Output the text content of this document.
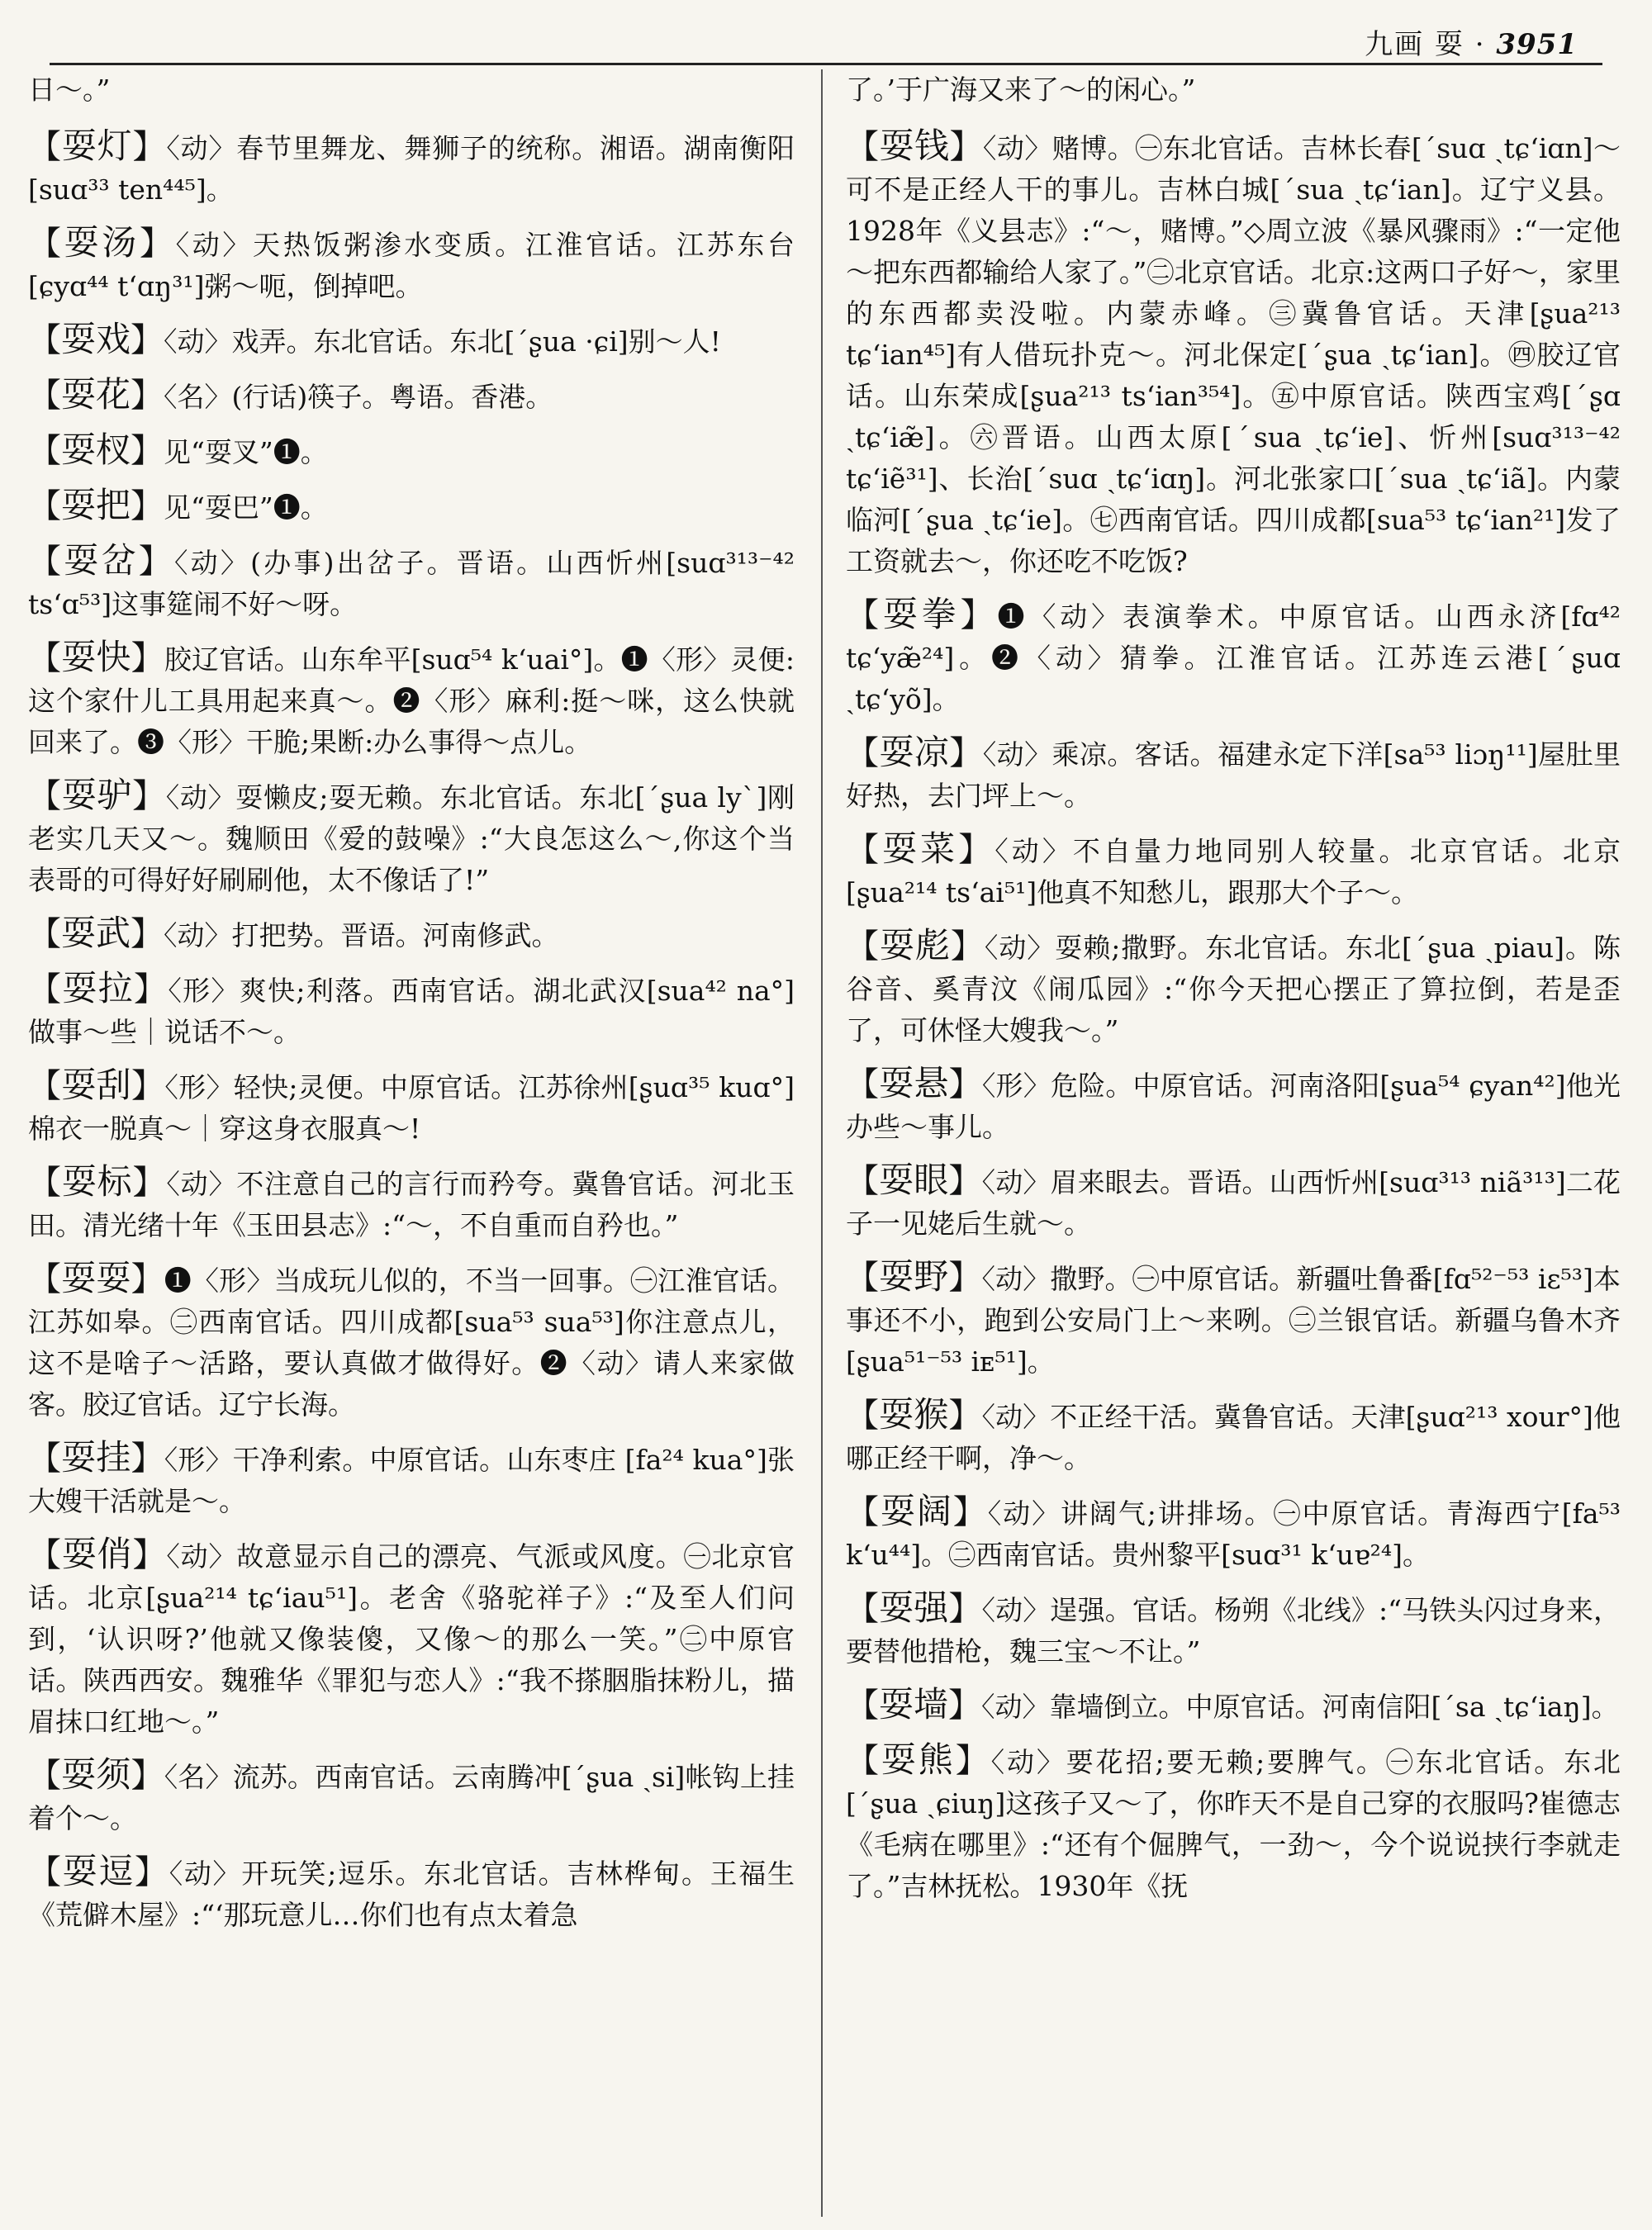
九画 耍 · 3951

日～。”

【耍灯】〈动〉春节里舞龙、舞狮子的统称。湘语。湖南衡阳[suɑ³³ ten⁴⁴⁵]。

【耍汤】〈动〉天热饭粥渗水变质。江淮官话。江苏东台[ɕyɑ⁴⁴ tʻɑŋ³¹]粥～呃，倒掉吧。

【耍戏】〈动〉戏弄。东北官话。东北[ˊʂua ·ɕi]别～人!

【耍花】〈名〉(行话)筷子。粤语。香港。

【耍杈】见“耍叉”❶。

【耍把】见“耍巴”❶。

【耍岔】〈动〉(办事)出岔子。晋语。山西忻州[suɑ³¹³⁻⁴² tsʻɑ⁵³]这事筵闹不好～呀。

【耍快】胶辽官话。山东牟平[suɑ⁵⁴ kʻuai°]。❶〈形〉灵便:这个家什儿工具用起来真～。❷〈形〉麻利:挺～咪，这么快就回来了。❸〈形〉干脆;果断:办么事得～点儿。

【耍驴】〈动〉耍懒皮;耍无赖。东北官话。东北[ˊʂua lyˋ]刚老实几天又～。魏顺田《爱的鼓噪》:“大良怎这么～,你这个当表哥的可得好好刷刷他，太不像话了!”

【耍武】〈动〉打把势。晋语。河南修武。

【耍拉】〈形〉爽快;利落。西南官话。湖北武汉[sua⁴² na°]做事～些｜说话不～。

【耍刮】〈形〉轻快;灵便。中原官话。江苏徐州[ʂuɑ³⁵ kuɑ°]棉衣一脱真～｜穿这身衣服真～!

【耍标】〈动〉不注意自己的言行而矜夸。冀鲁官话。河北玉田。清光绪十年《玉田县志》:“～，不自重而自矜也。”

【耍耍】❶〈形〉当成玩儿似的，不当一回事。㊀江淮官话。江苏如皋。㊁西南官话。四川成都[sua⁵³ sua⁵³]你注意点儿，这不是啥子～活路，要认真做才做得好。❷〈动〉请人来家做客。胶辽官话。辽宁长海。

【耍挂】〈形〉干净利索。中原官话。山东枣庄 [fa²⁴ kua°]张大嫂干活就是～。

【耍俏】〈动〉故意显示自己的漂亮、气派或风度。㊀北京官话。北京[ʂua²¹⁴ tɕʻiau⁵¹]。老舍《骆驼祥子》:“及至人们问到，‘认识呀?’他就又像装傻，又像～的那么一笑。”㊁中原官话。陕西西安。魏雅华《罪犯与恋人》:“我不搽胭脂抹粉儿，描眉抹口红地～。”

【耍须】〈名〉流苏。西南官话。云南腾冲[ˊʂua ˏsi]帐钩上挂着个～。

【耍逗】〈动〉开玩笑;逗乐。东北官话。吉林桦甸。王福生《荒僻木屋》:“‘那玩意儿…你们也有点太着急

了。’于广海又来了～的闲心。”

【耍钱】〈动〉赌博。㊀东北官话。吉林长春[ˊsuɑ ˏtɕʻiɑn]～可不是正经人干的事儿。吉林白城[ˊsua ˏtɕʻian]。辽宁义县。1928年《义县志》:“～，赌博。”◇周立波《暴风骤雨》:“一定他～把东西都输给人家了。”㊁北京官话。北京:这两口子好～，家里的东西都卖没啦。内蒙赤峰。㊂冀鲁官话。天津[ʂua²¹³ tɕʻian⁴⁵]有人借玩扑克～。河北保定[ˊʂua ˏtɕʻian]。㊃胶辽官话。山东荣成[ʂua²¹³ tsʻian³⁵⁴]。㊄中原官话。陕西宝鸡[ˊʂɑ ˏtɕʻiæ̃]。㊅晋语。山西太原[ˊsua ˏtɕʻie]、忻州[suɑ³¹³⁻⁴² tɕʻiẽ³¹]、长治[ˊsuɑ ˏtɕʻiɑŋ]。河北张家口[ˊsua ˏtɕʻiã]。内蒙临河[ˊʂua ˏtɕʻie]。㊆西南官话。四川成都[sua⁵³ tɕʻian²¹]发了工资就去～，你还吃不吃饭?

【耍拳】❶〈动〉表演拳术。中原官话。山西永济[fɑ⁴² tɕʻyæ̃²⁴]。❷〈动〉猜拳。江淮官话。江苏连云港[ˊʂuɑ ˏtɕʻyõ]。

【耍凉】〈动〉乘凉。客话。福建永定下洋[sa⁵³ liɔŋ¹¹]屋肚里好热，去门坪上～。

【耍菜】〈动〉不自量力地同别人较量。北京官话。北京[ʂua²¹⁴ tsʻai⁵¹]他真不知愁儿，跟那大个子～。

【耍彪】〈动〉耍赖;撒野。东北官话。东北[ˊʂua ˏpiau]。陈谷音、奚青汶《闹瓜园》:“你今天把心摆正了算拉倒，若是歪了，可休怪大嫂我～。”

【耍悬】〈形〉危险。中原官话。河南洛阳[ʂua⁵⁴ ɕyan⁴²]他光办些～事儿。

【耍眼】〈动〉眉来眼去。晋语。山西忻州[suɑ³¹³ niã³¹³]二花子一见姥后生就～。

【耍野】〈动〉撒野。㊀中原官话。新疆吐鲁番[fɑ⁵²⁻⁵³ iɛ⁵³]本事还不小，跑到公安局门上～来咧。㊁兰银官话。新疆乌鲁木齐[ʂua⁵¹⁻⁵³ iᴇ⁵¹]。

【耍猴】〈动〉不正经干活。冀鲁官话。天津[ʂuɑ²¹³ xour°]他哪正经干啊，净～。

【耍阔】〈动〉讲阔气;讲排场。㊀中原官话。青海西宁[fa⁵³ kʻu⁴⁴]。㊁西南官话。贵州黎平[suɑ³¹ kʻuɐ²⁴]。

【耍强】〈动〉逞强。官话。杨朔《北线》:“马铁头闪过身来，要替他措枪，魏三宝～不让。”

【耍墙】〈动〉靠墙倒立。中原官话。河南信阳[ˊsa ˏtɕʻiaŋ]。

【耍熊】〈动〉要花招;要无赖;要脾气。㊀东北官话。东北[ˊʂua ˏɕiuŋ]这孩子又～了，你昨天不是自己穿的衣服吗?崔德志《毛病在哪里》:“还有个倔脾气，一劲～，今个说说挟行李就走了。”吉林抚松。1930年《抚
